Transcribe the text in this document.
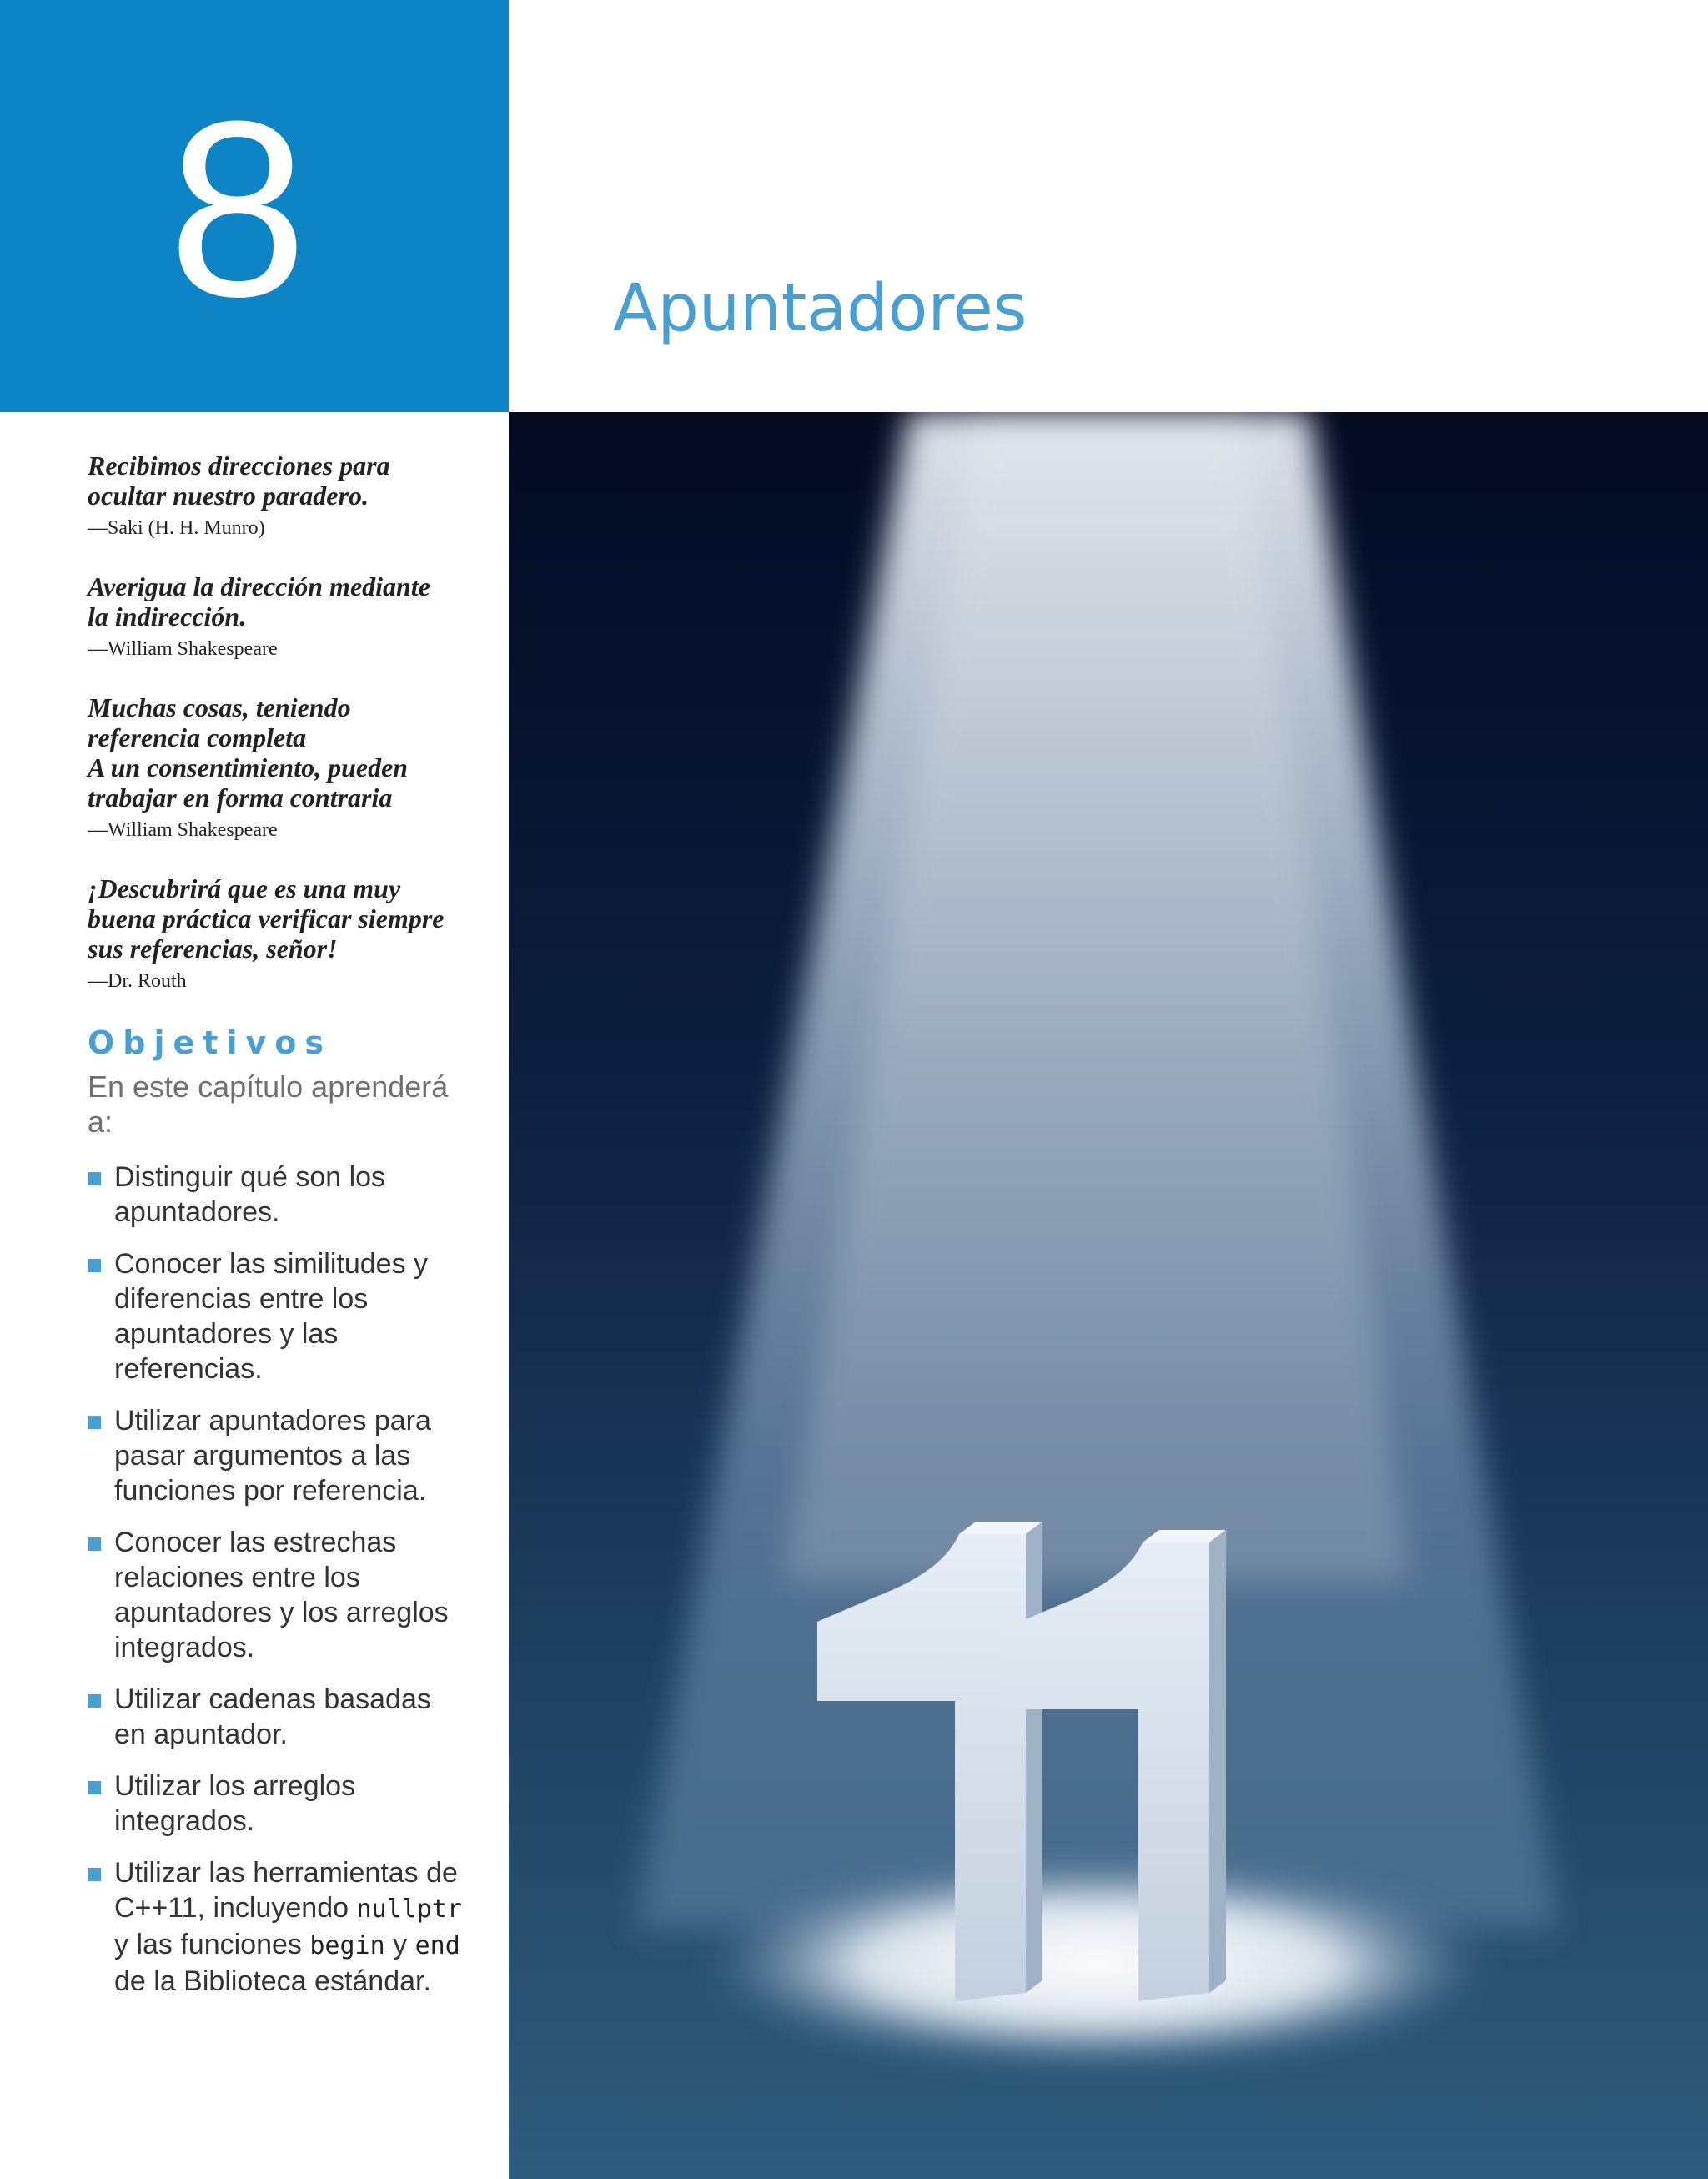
8	Apuntadores
Recibimos direcciones para
ocultar nuestro paradero.
—Saki (H. H. Munro)
Averigua la dirección mediante
la indirección.
—William Shakespeare
Muchas cosas, teniendo
referencia completa
A un consentimiento, pueden
trabajar en forma contraria
—William Shakespeare
¡Descubrirá que es una muy
buena práctica verificar siempre
sus referencias, señor!
—Dr. Routh
Objetivos
En este capítulo aprenderá a:
Distinguir qué son los
apuntadores.
Conocer las similitudes y
diferencias entre los
apuntadores y las referencias.
Utilizar apuntadores para
pasar argumentos a las
funciones por referencia.
Conocer las estrechas
relaciones entre los
apuntadores y los arreglos
integrados.
Utilizar cadenas basadas
en apuntador.
Utilizar los arreglos
integrados.
Utilizar las herramientas de
C++11, incluyendo nullptr
y las funciones begin y end
de la Biblioteca estándar.
